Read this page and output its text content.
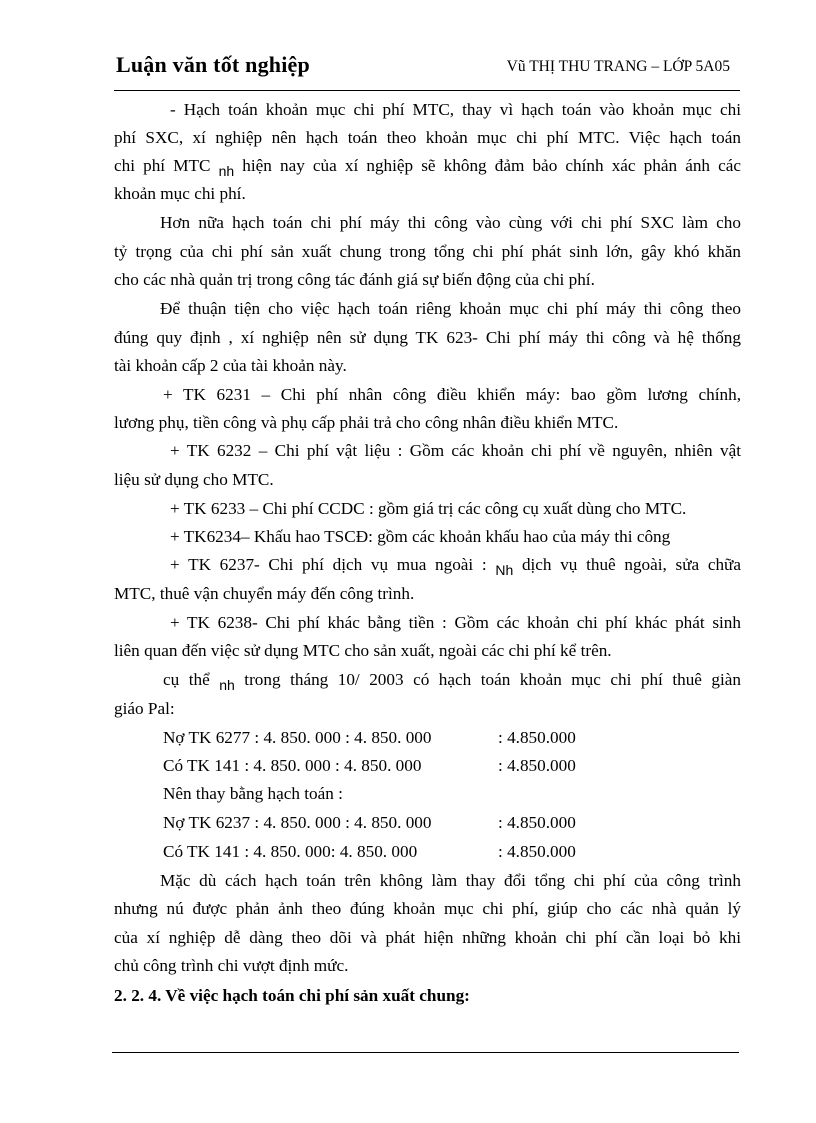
Luận văn tốt nghiệp	Vũ THỊ THU TRANG – LỚP 5A05
- Hạch toán khoản mục chi phí MTC, thay vì hạch toán vào khoản mục chi
phí SXC, xí nghiệp nên hạch toán theo khoản mục chi phí MTC. Việc hạch toán
chi phí MTC nh hiện nay của xí nghiệp sẽ không đảm bảo chính xác phản ánh các
khoản mục chi phí.
Hơn nữa hạch toán chi phí máy thi công vào cùng với chi phí SXC làm cho
tỷ trọng của chi phí sản xuất chung trong tổng chi phí phát sinh lớn, gây khó khăn
cho các nhà quản trị trong công tác đánh giá sự biến động của chi phí.
Để thuận tiện cho việc hạch toán riêng khoản mục chi phí máy thi công theo
đúng quy định , xí nghiệp nên sử dụng TK 623- Chi phí máy thi công và hệ thống
tài khoản cấp 2 của tài khoản này.
+ TK 6231 – Chi phí nhân công điều khiển máy: bao gồm lương chính,
lương phụ, tiền công và phụ cấp phải trả cho công nhân điều khiển MTC.
+ TK 6232 – Chi phí vật liệu : Gồm các khoản chi phí về nguyên, nhiên vật
liệu sử dụng cho MTC.
+ TK 6233 – Chi phí CCDC : gồm giá trị các công cụ xuất dùng cho MTC.
+ TK6234– Khấu hao TSCĐ: gồm các khoản khấu hao của máy thi công
+ TK 6237- Chi phí dịch vụ mua ngoài : Nh dịch vụ thuê ngoài, sửa chữa
MTC, thuê vận chuyển máy đến công trình.
+ TK 6238- Chi phí khác bằng tiền : Gồm các khoản chi phí khác phát sinh
liên quan đến việc sử dụng MTC cho sản xuất, ngoài các chi phí kể trên.
cụ thể nh trong tháng 10/ 2003 có hạch toán khoản mục chi phí thuê giàn
giáo Pal:
Nợ TK 6277 : 4. 850. 000 : 4. 850. 000	: 4.850.000
Có TK 141 : 4. 850. 000 : 4. 850. 000	: 4.850.000
Nên thay bằng hạch toán :
Nợ TK 6237 : 4. 850. 000 : 4. 850. 000	: 4.850.000
Có TK 141 : 4. 850. 000: 4. 850. 000	: 4.850.000
Mặc dù cách hạch toán trên không làm thay đổi tổng chi phí của công trình
nhưng nú được phản ảnh theo đúng khoản mục chi phí, giúp cho các nhà quản lý
của xí nghiệp dễ dàng theo dõi và phát hiện những khoản chi phí cần loại bỏ khi
chủ công trình chi vượt định mức.
2. 2. 4. Về việc hạch toán chi phí sản xuất chung:
